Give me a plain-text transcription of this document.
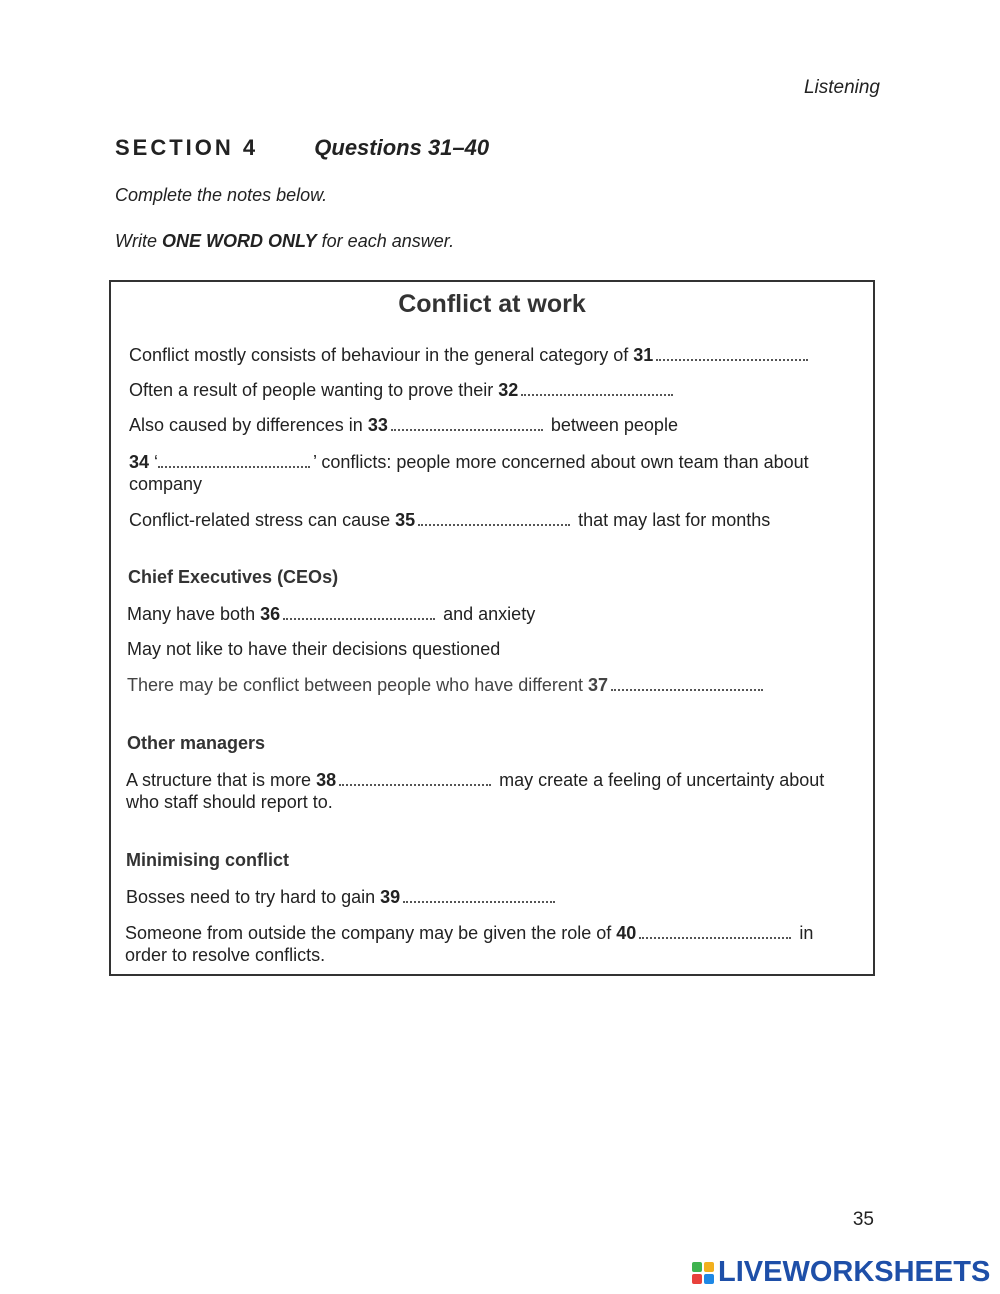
Listening
SECTION 4	Questions 31–40
Complete the notes below.
Write ONE WORD ONLY for each answer.
Conflict at work
Conflict mostly consists of behaviour in the general category of 31
Often a result of people wanting to prove their 32
Also caused by differences in 33	between people
34 ‘	’ conflicts: people more concerned about own team than about company
Conflict-related stress can cause 35	that may last for months
Chief Executives (CEOs)
Many have both 36	and anxiety
May not like to have their decisions questioned
There may be conflict between people who have different 37
Other managers
A structure that is more 38	may create a feeling of uncertainty about who staff should report to.
Minimising conflict
Bosses need to try hard to gain 39
Someone from outside the company may be given the role of 40	in order to resolve conflicts.
35
LIVEWORKSHEETS
